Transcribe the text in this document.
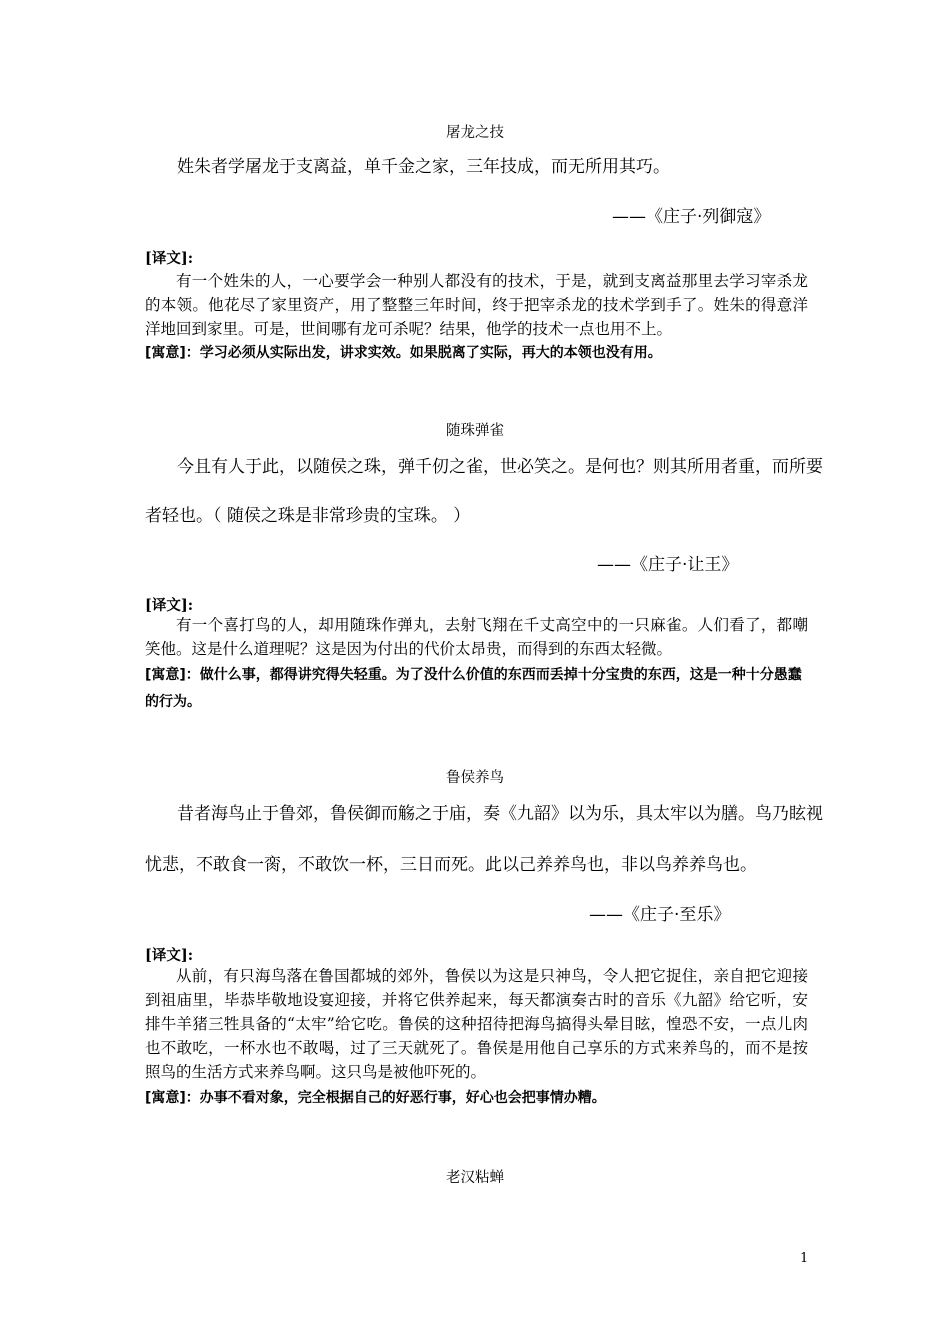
屠龙之技
姓朱者学屠龙于支离益，单千金之家，三年技成，而无所用其巧。
——《庄子·列御寇》
[译文]:

有一个姓朱的人，一心要学会一种别人都没有的技术，于是，就到支离益那里去学习宰杀龙的本领。他花尽了家里资产，用了整整三年时间，终于把宰杀龙的技术学到手了。姓朱的得意洋洋地回到家里。可是，世间哪有龙可杀呢？结果，他学的技术一点也用不上。

[寓意]：学习必须从实际出发，讲求实效。如果脱离了实际，再大的本领也没有用。
随珠弹雀
今且有人于此，以随侯之珠，弹千仞之雀，世必笑之。是何也？则其所用者重，而所要
者轻也。（ 随侯之珠是非常珍贵的宝珠。 ）
——《庄子·让王》
[译文]:

有一个喜打鸟的人，却用随珠作弹丸，去射飞翔在千丈高空中的一只麻雀。人们看了，都嘲笑他。这是什么道理呢？这是因为付出的代价太昂贵，而得到的东西太轻微。

[寓意]：做什么事，都得讲究得失轻重。为了没什么价值的东西而丢掉十分宝贵的东西，这是一种十分愚蠢的行为。
鲁侯养鸟
昔者海鸟止于鲁郊，鲁侯御而觞之于庙，奏《九韶》以为乐，具太牢以为膳。鸟乃眩视
忧悲，不敢食一脔，不敢饮一杯，三日而死。此以己养养鸟也，非以鸟养养鸟也。
——《庄子·至乐》
[译文]:

从前，有只海鸟落在鲁国都城的郊外，鲁侯以为这是只神鸟，令人把它捉住，亲自把它迎接到祖庙里，毕恭毕敬地设宴迎接，并将它供养起来，每天都演奏古时的音乐《九韶》给它听，安排牛羊猪三牲具备的“太牢”给它吃。鲁侯的这种招待把海鸟搞得头晕目眩，惶恐不安，一点儿肉也不敢吃，一杯水也不敢喝，过了三天就死了。鲁侯是用他自己享乐的方式来养鸟的，而不是按照鸟的生活方式来养鸟啊。这只鸟是被他吓死的。

[寓意]：办事不看对象，完全根据自己的好恶行事，好心也会把事情办糟。
老汉粘蝉
1
